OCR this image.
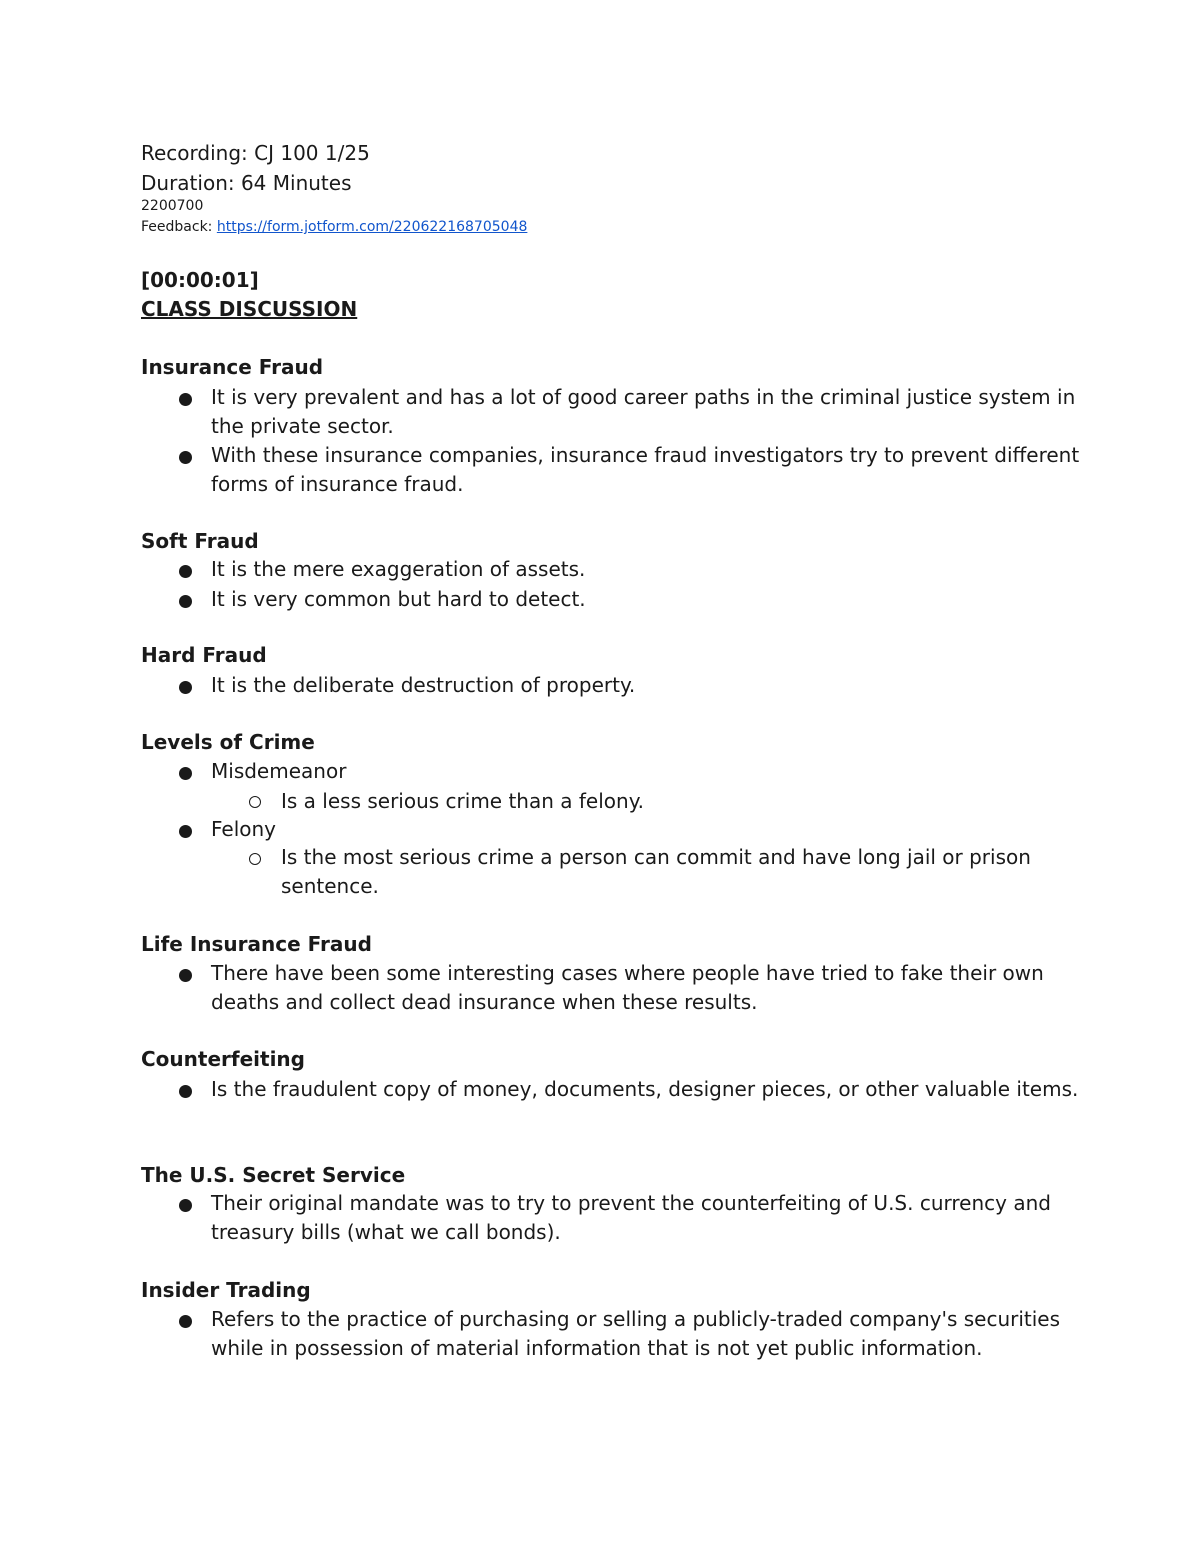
Recording: CJ 100 1/25
Duration: 64 Minutes
2200700
Feedback: https://form.jotform.com/220622168705048
[00:00:01]
CLASS DISCUSSION
Insurance Fraud
It is very prevalent and has a lot of good career paths in the criminal justice system in the private sector.
With these insurance companies, insurance fraud investigators try to prevent different forms of insurance fraud.
Soft Fraud
It is the mere exaggeration of assets.
It is very common but hard to detect.
Hard Fraud
It is the deliberate destruction of property.
Levels of Crime
Misdemeanor
Is a less serious crime than a felony.
Felony
Is the most serious crime a person can commit and have long jail or prison sentence.
Life Insurance Fraud
There have been some interesting cases where people have tried to fake their own deaths and collect dead insurance when these results.
Counterfeiting
Is the fraudulent copy of money, documents, designer pieces, or other valuable items.
The U.S. Secret Service
Their original mandate was to try to prevent the counterfeiting of U.S. currency and treasury bills (what we call bonds).
Insider Trading
Refers to the practice of purchasing or selling a publicly-traded company's securities while in possession of material information that is not yet public information.
